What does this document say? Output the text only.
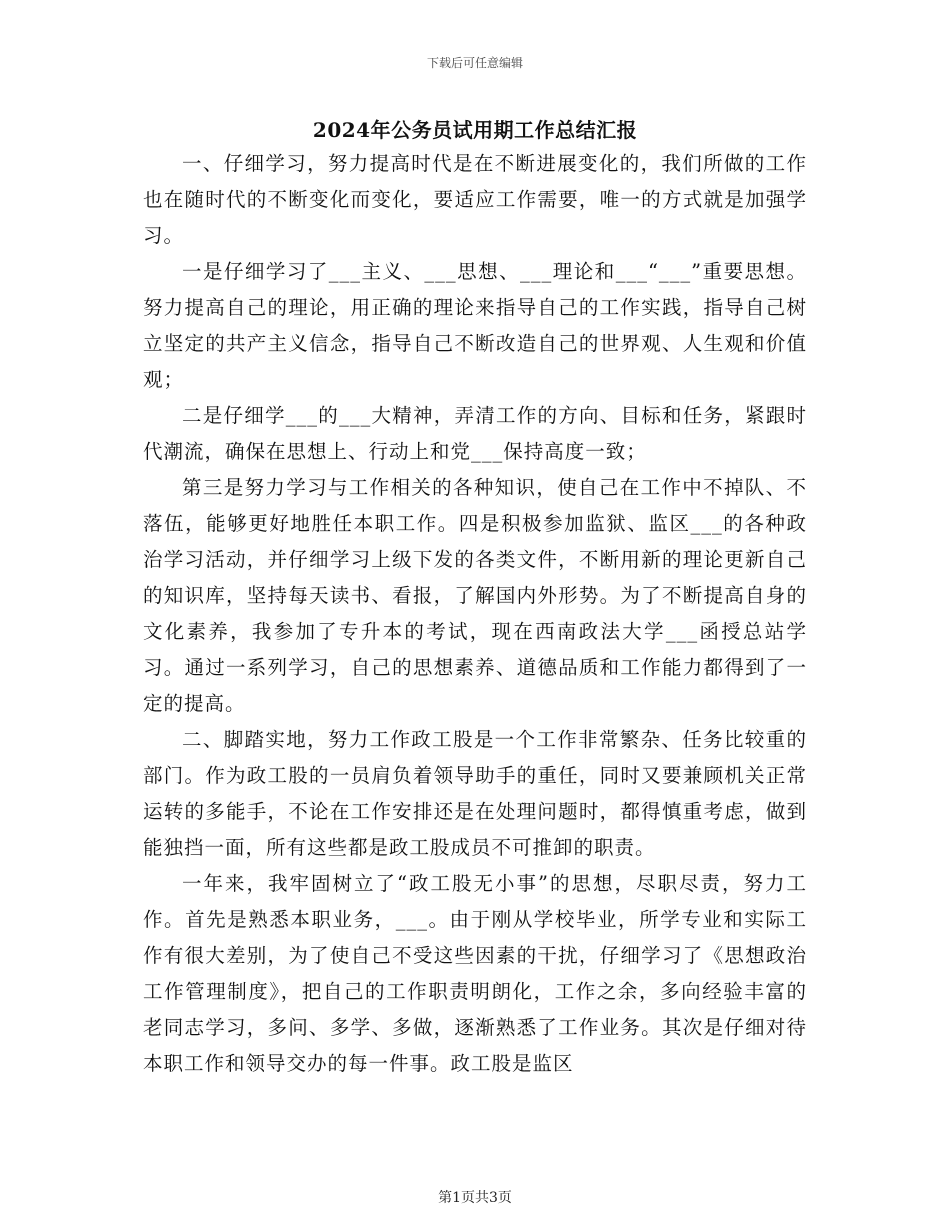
下载后可任意编辑
2024年公务员试用期工作总结汇报

一、仔细学习，努力提高时代是在不断进展变化的，我们所做的工作也在随时代的不断变化而变化，要适应工作需要，唯一的方式就是加强学习。

一是仔细学习了___主义、___思想、___理论和___“___”重要思想。努力提高自己的理论，用正确的理论来指导自己的工作实践，指导自己树立坚定的共产主义信念，指导自己不断改造自己的世界观、人生观和价值观；

二是仔细学___的___大精神，弄清工作的方向、目标和任务，紧跟时代潮流，确保在思想上、行动上和党___保持高度一致；

第三是努力学习与工作相关的各种知识，使自己在工作中不掉队、不落伍，能够更好地胜任本职工作。四是积极参加监狱、监区___的各种政治学习活动，并仔细学习上级下发的各类文件，不断用新的理论更新自己的知识库，坚持每天读书、看报，了解国内外形势。为了不断提高自身的文化素养，我参加了专升本的考试，现在西南政法大学___函授总站学习。通过一系列学习，自己的思想素养、道德品质和工作能力都得到了一定的提高。

二、脚踏实地，努力工作政工股是一个工作非常繁杂、任务比较重的部门。作为政工股的一员肩负着领导助手的重任，同时又要兼顾机关正常运转的多能手，不论在工作安排还是在处理问题时，都得慎重考虑，做到能独挡一面，所有这些都是政工股成员不可推卸的职责。

一年来，我牢固树立了“政工股无小事”的思想，尽职尽责，努力工作。首先是熟悉本职业务，___。由于刚从学校毕业，所学专业和实际工作有很大差别，为了使自己不受这些因素的干扰，仔细学习了《思想政治工作管理制度》，把自己的工作职责明朗化，工作之余，多向经验丰富的老同志学习，多问、多学、多做，逐渐熟悉了工作业务。其次是仔细对待本职工作和领导交办的每一件事。政工股是监区

第1页共3页
